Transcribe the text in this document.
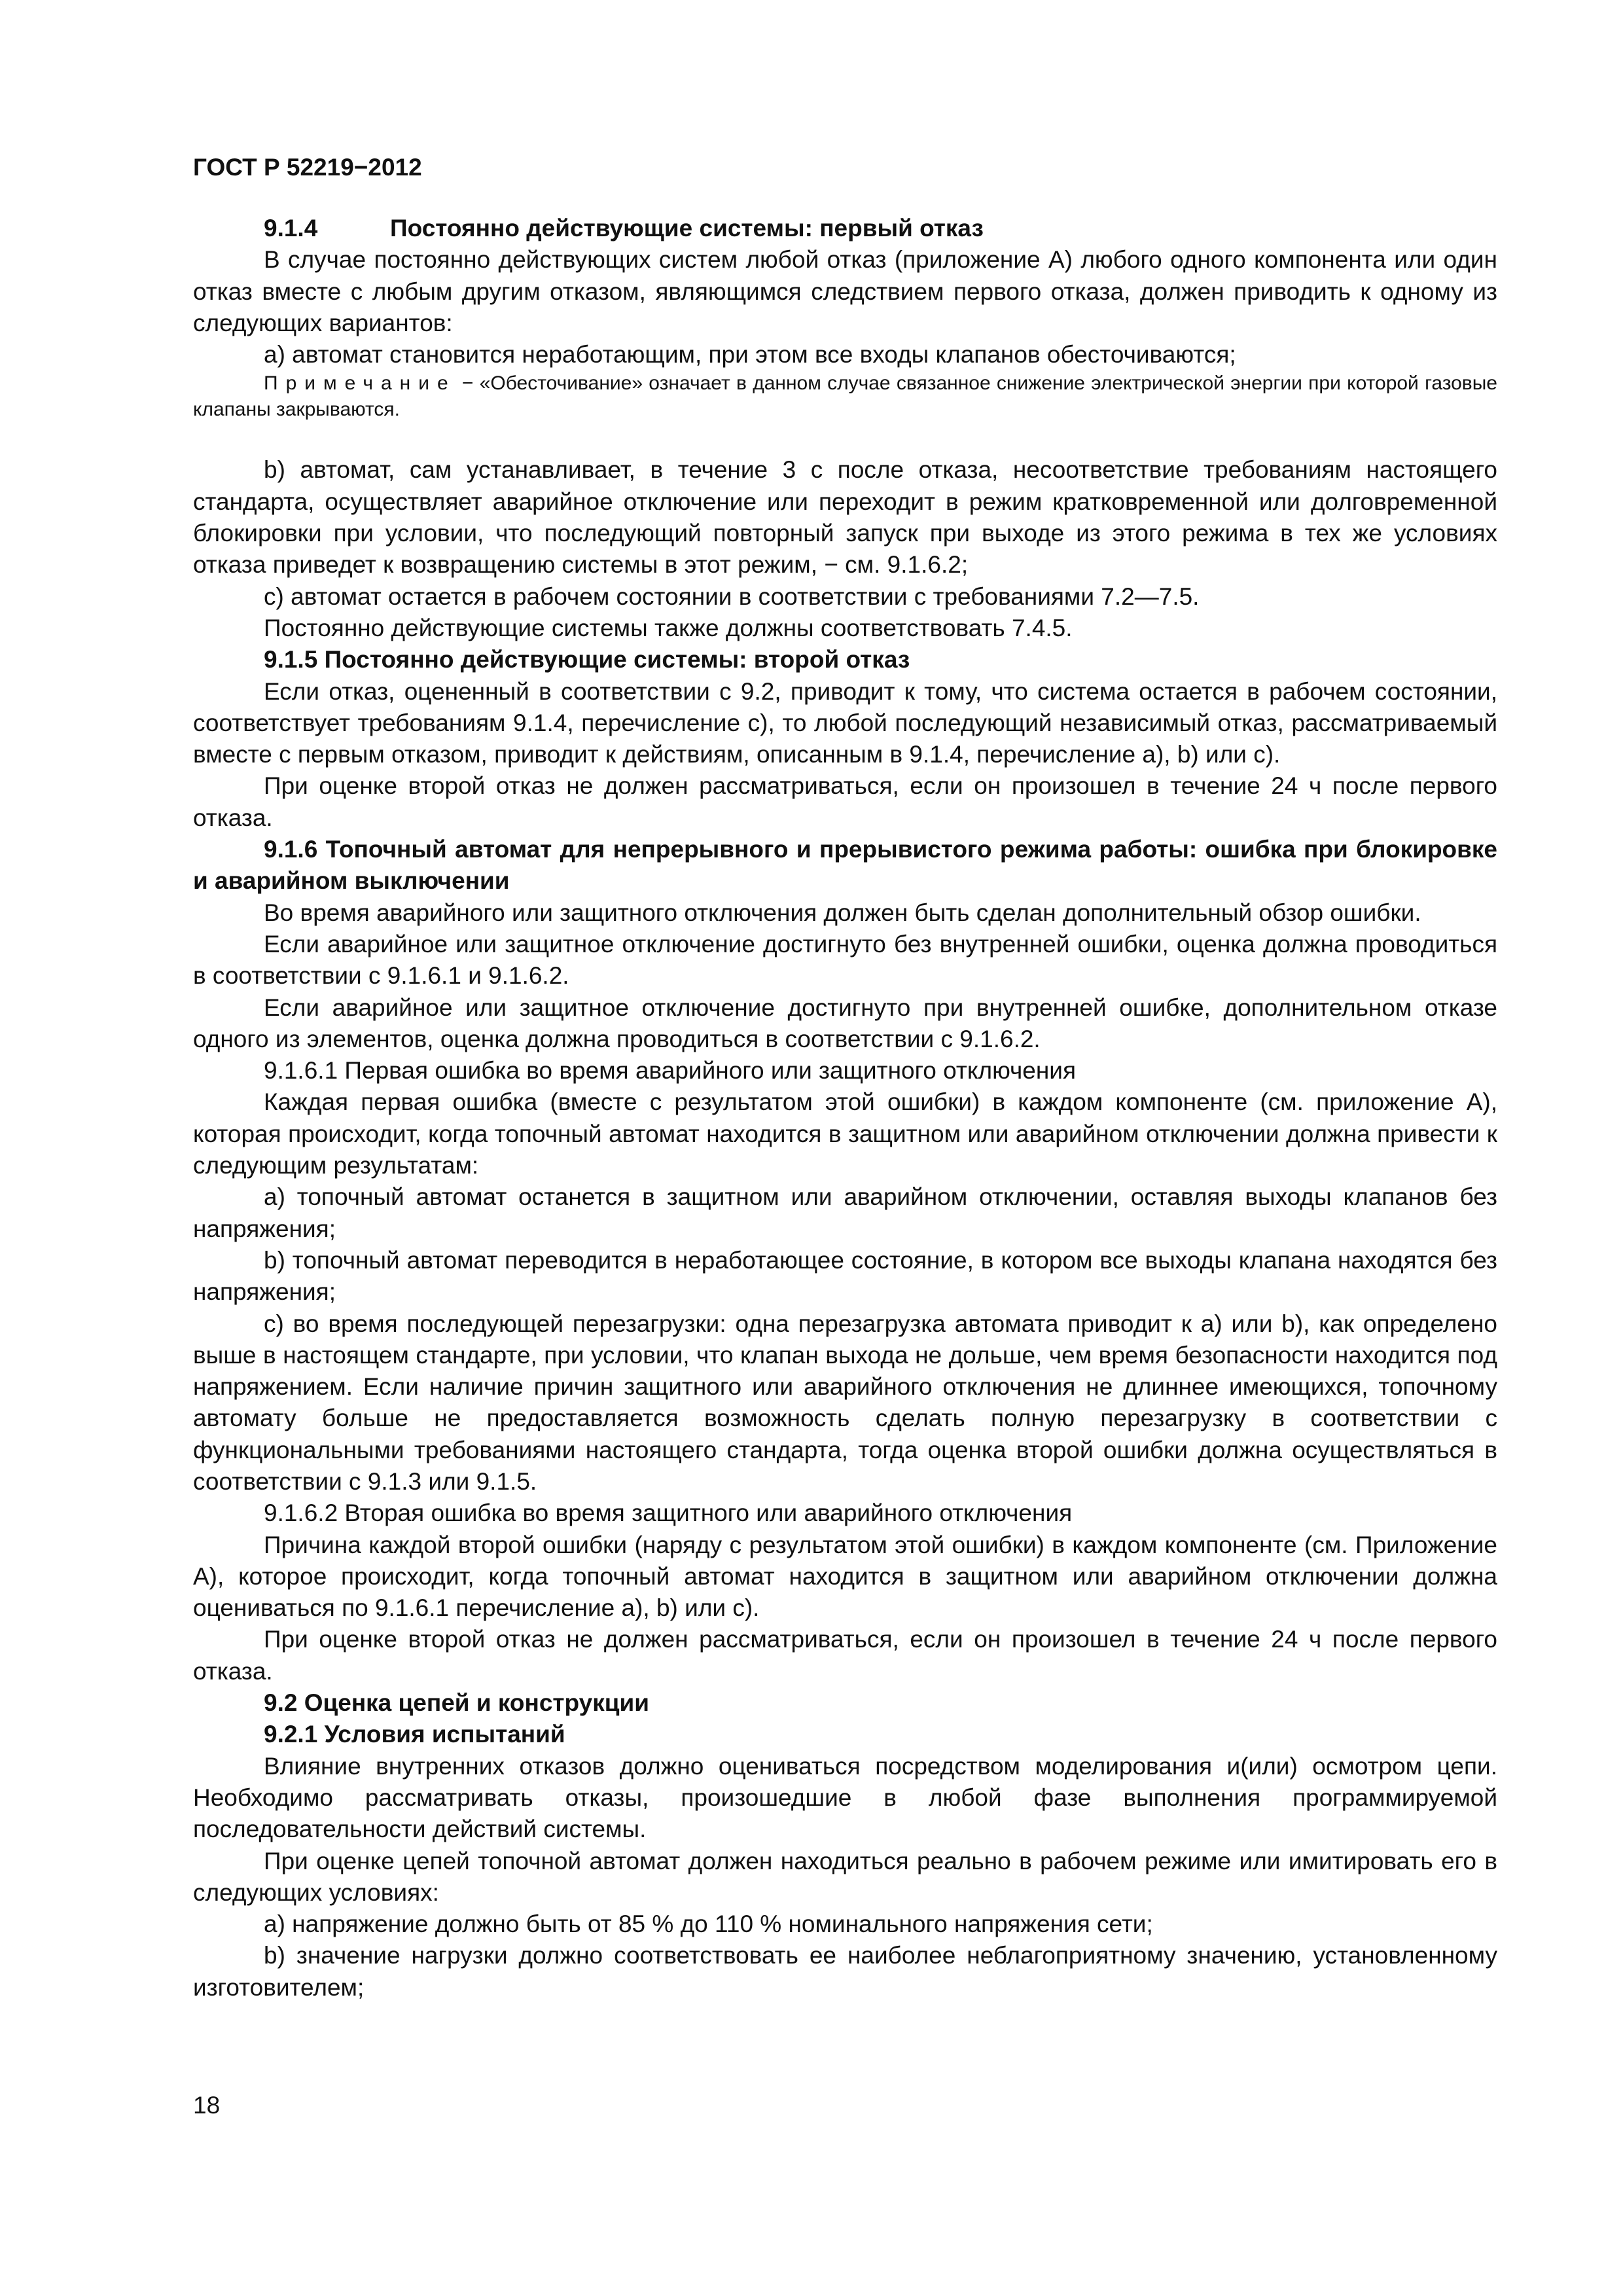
ГОСТ Р 52219−2012

9.1.4	Постоянно действующие системы: первый отказ

В случае постоянно действующих систем любой отказ (приложение А) любого одного компонента или один отказ вместе с любым другим отказом, являющимся следствием первого отказа, должен приводить к одному из следующих вариантов:

а) автомат становится неработающим, при этом все входы клапанов обесточиваются;

Примечание − «Обесточивание» означает в данном случае связанное снижение электрической энергии при которой газовые клапаны закрываются.

b) автомат, сам устанавливает, в течение 3 с после отказа, несоответствие требованиям настоящего стандарта, осуществляет аварийное отключение или переходит в режим кратковременной или долговременной блокировки при условии, что последующий повторный запуск при выходе из этого режима в тех же условиях отказа приведет к возвращению системы в этот режим, − см. 9.1.6.2;

с) автомат остается в рабочем состоянии в соответствии с требованиями 7.2—7.5.

Постоянно действующие системы также должны соответствовать 7.4.5.

9.1.5 Постоянно действующие системы: второй отказ

Если отказ, оцененный в соответствии с 9.2, приводит к тому, что система остается в рабочем состоянии, соответствует требованиям 9.1.4, перечисление с), то любой последующий независимый отказ, рассматриваемый вместе с первым отказом, приводит к действиям, описанным в 9.1.4, перечисление а), b) или с).

При оценке второй отказ не должен рассматриваться, если он произошел в течение 24 ч после первого отказа.

9.1.6 Топочный автомат для непрерывного и прерывистого режима работы: ошибка при блокировке и аварийном выключении

Во время аварийного или защитного отключения должен быть сделан дополнительный обзор ошибки.

Если аварийное или защитное отключение достигнуто без внутренней ошибки, оценка должна проводиться в соответствии с 9.1.6.1 и 9.1.6.2.

Если аварийное или защитное отключение достигнуто при внутренней ошибке, дополнительном отказе одного из элементов, оценка должна проводиться в соответствии с 9.1.6.2.

9.1.6.1 Первая ошибка во время аварийного или защитного отключения

Каждая первая ошибка (вместе с результатом этой ошибки) в каждом компоненте (см. приложение А), которая происходит, когда топочный автомат находится в защитном или аварийном отключении должна привести к следующим результатам:

а) топочный автомат останется в защитном или аварийном отключении, оставляя выходы клапанов без напряжения;

b) топочный автомат переводится в неработающее состояние, в котором все выходы клапана находятся без напряжения;

с) во время последующей перезагрузки: одна перезагрузка автомата приводит к а) или b), как определено выше в настоящем стандарте, при условии, что клапан выхода не дольше, чем время безопасности находится под напряжением. Если наличие причин защитного или аварийного отключения не длиннее имеющихся, топочному автомату больше не предоставляется возможность сделать полную перезагрузку в соответствии с функциональными требованиями настоящего стандарта, тогда оценка второй ошибки должна осуществляться в соответствии с 9.1.3 или 9.1.5.

9.1.6.2 Вторая ошибка во время защитного или аварийного отключения

Причина каждой второй ошибки (наряду с результатом этой ошибки) в каждом компоненте (см. Приложение А), которое происходит, когда топочный автомат находится в защитном или аварийном отключении должна оцениваться по 9.1.6.1 перечисление а), b) или с).

При оценке второй отказ не должен рассматриваться, если он произошел в течение 24 ч после первого отказа.

9.2 Оценка цепей и конструкции

9.2.1 Условия испытаний

Влияние внутренних отказов должно оцениваться посредством моделирования и(или) осмотром цепи. Необходимо рассматривать отказы, произошедшие в любой фазе выполнения программируемой последовательности действий системы.

При оценке цепей топочной автомат должен находиться реально в рабочем режиме или имитировать его в следующих условиях:

а) напряжение должно быть от 85 % до 110 % номинального напряжения сети;

b) значение нагрузки должно соответствовать ее наиболее неблагоприятному значению, установленному изготовителем;

18
